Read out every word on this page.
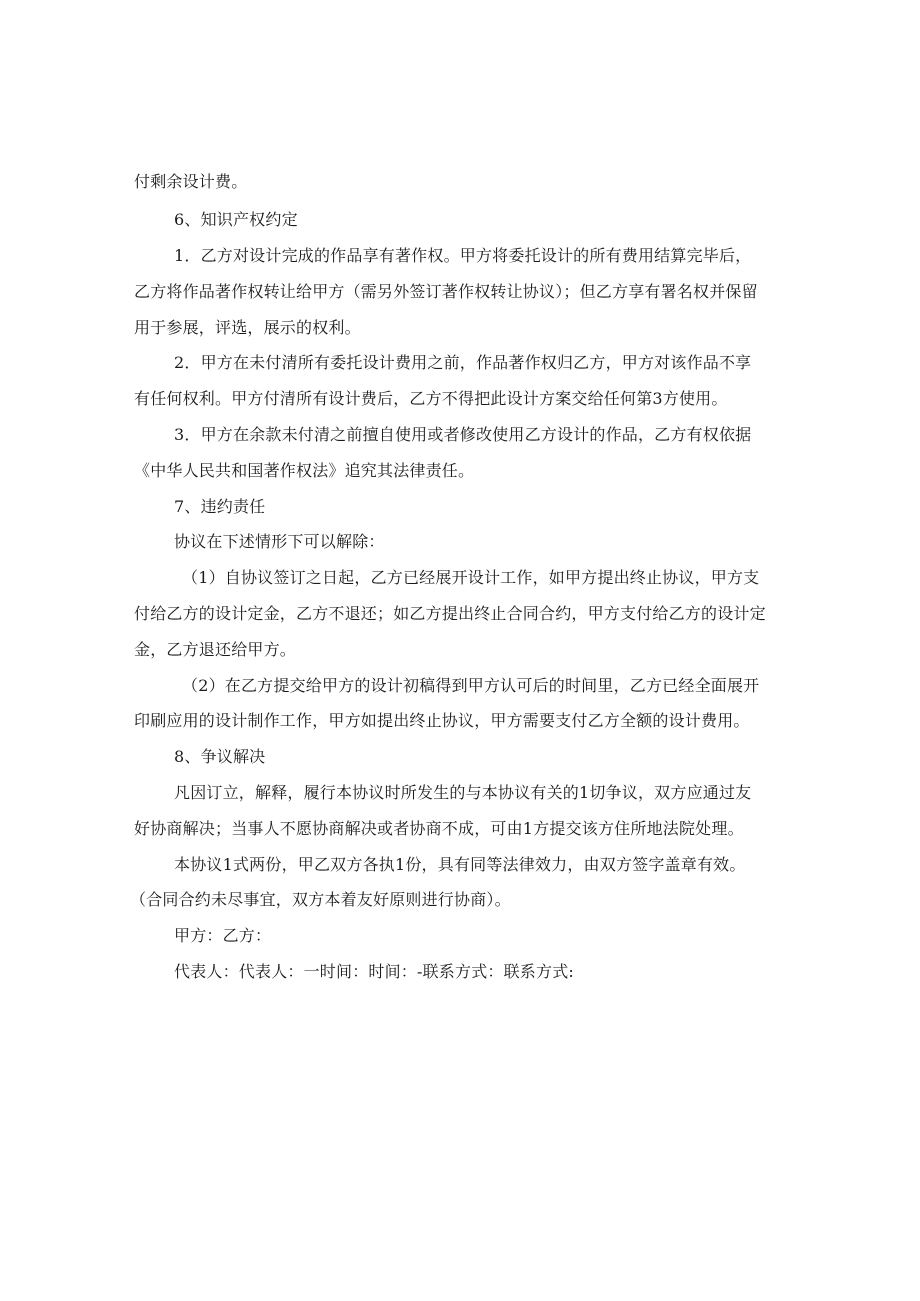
付剩余设计费。
6、知识产权约定
1．乙方对设计完成的作品享有著作权。甲方将委托设计的所有费用结算完毕后，
乙方将作品著作权转让给甲方（需另外签订著作权转让协议）；但乙方享有署名权并保留
用于参展，评选，展示的权利。
2．甲方在未付清所有委托设计费用之前，作品著作权归乙方，甲方对该作品不享
有任何权利。甲方付清所有设计费后，乙方不得把此设计方案交给任何第3方使用。
3．甲方在余款未付清之前擅自使用或者修改使用乙方设计的作品，乙方有权依据
《中华人民共和国著作权法》追究其法律责任。
7、违约责任
协议在下述情形下可以解除：
（1）自协议签订之日起，乙方已经展开设计工作，如甲方提出终止协议，甲方支
付给乙方的设计定金，乙方不退还；如乙方提出终止合同合约，甲方支付给乙方的设计定
金，乙方退还给甲方。
（2）在乙方提交给甲方的设计初稿得到甲方认可后的时间里，乙方已经全面展开
印刷应用的设计制作工作，甲方如提出终止协议，甲方需要支付乙方全额的设计费用。
8、争议解决
凡因订立，解释，履行本协议时所发生的与本协议有关的1切争议，双方应通过友
好协商解决；当事人不愿协商解决或者协商不成，可由1方提交该方住所地法院处理。
本协议1式两份，甲乙双方各执1份，具有同等法律效力，由双方签字盖章有效。
（合同合约未尽事宜，双方本着友好原则进行协商）。
甲方：乙方：
代表人：代表人：一时间：时间：-联系方式：联系方式:
